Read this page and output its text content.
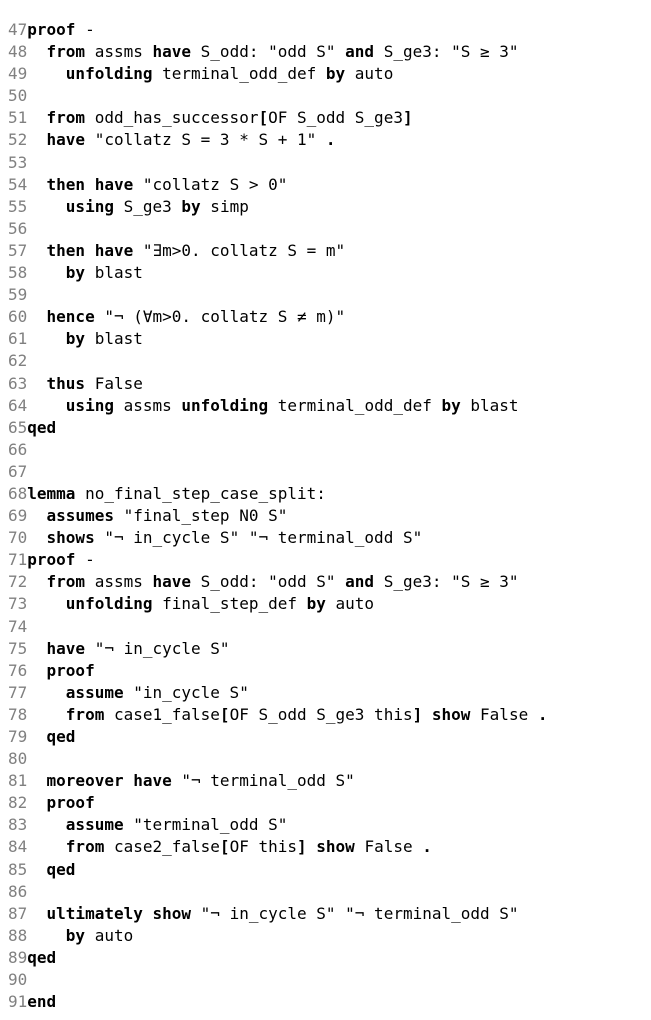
47proof -
48 from assms have S_odd: "odd S" and S_ge3: "S ≥ 3"
49 unfolding terminal_odd_def by auto
50
51 from odd_has_successor[OF S_odd S_ge3]
52 have "collatz S = 3 * S + 1" .
53
54 then have "collatz S > 0"
55 using S_ge3 by simp
56
57 then have "∃m>0. collatz S = m"
58 by blast
59
60 hence "¬ (∀m>0. collatz S ≠ m)"
61 by blast
62
63 thus False
64 using assms unfolding terminal_odd_def by blast
65qed
66
67
68lemma no_final_step_case_split:
69 assumes "final_step N0 S"
70 shows "¬ in_cycle S" "¬ terminal_odd S"
71proof -
72 from assms have S_odd: "odd S" and S_ge3: "S ≥ 3"
73 unfolding final_step_def by auto
74
75 have "¬ in_cycle S"
76 proof
77 assume "in_cycle S"
78 from case1_false[OF S_odd S_ge3 this] show False .
79 qed
80
81 moreover have "¬ terminal_odd S"
82 proof
83 assume "terminal_odd S"
84 from case2_false[OF this] show False .
85 qed
86
87 ultimately show "¬ in_cycle S" "¬ terminal_odd S"
88 by auto
89qed
90
91end
